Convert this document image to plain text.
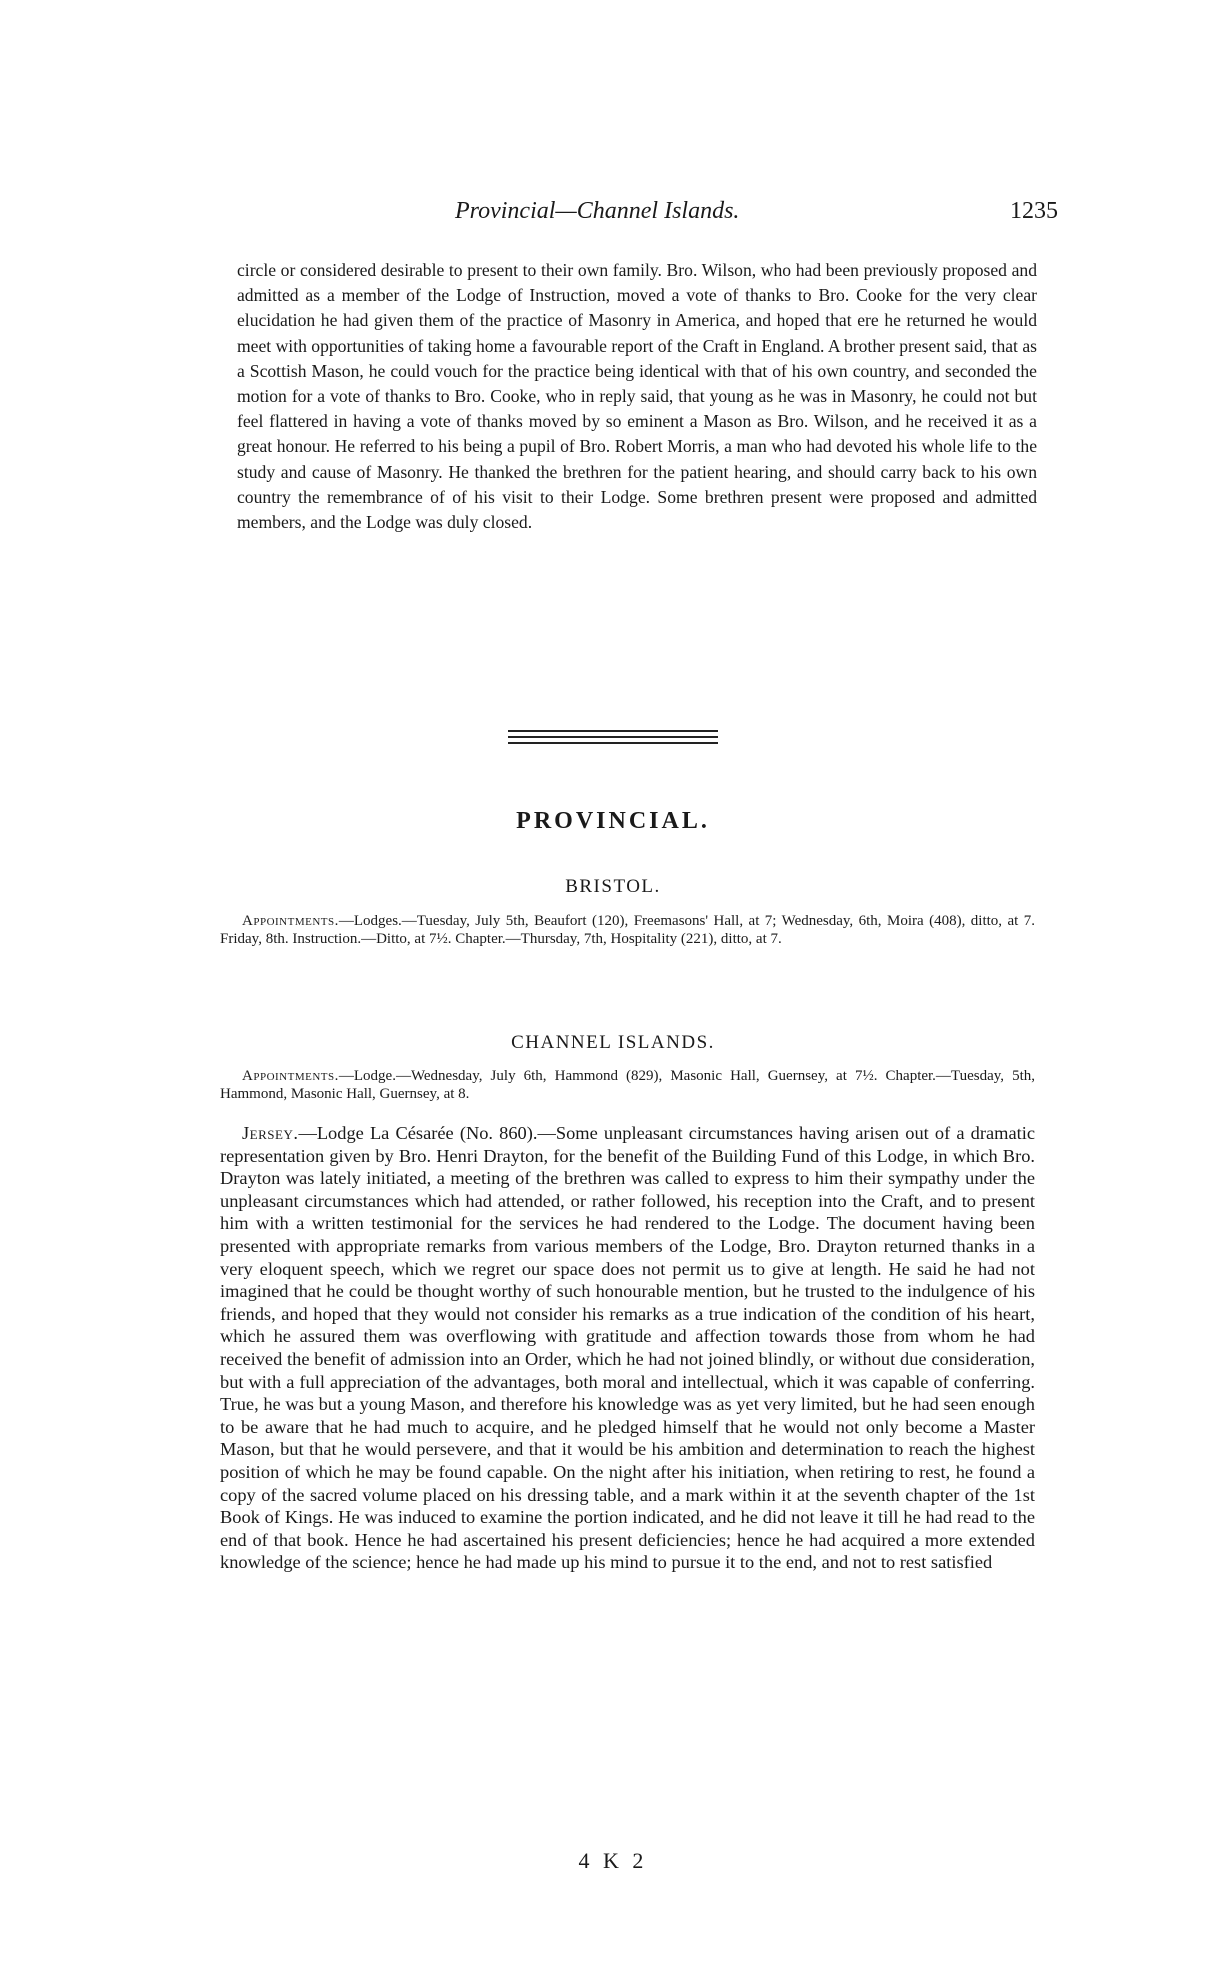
Provincial—Channel Islands.	1235

circle or considered desirable to present to their own family. Bro. Wilson, who had been previously proposed and admitted as a member of the Lodge of Instruction, moved a vote of thanks to Bro. Cooke for the very clear elucidation he had given them of the practice of Masonry in America, and hoped that ere he returned he would meet with opportunities of taking home a favourable report of the Craft in England. A brother present said, that as a Scottish Mason, he could vouch for the practice being identical with that of his own country, and seconded the motion for a vote of thanks to Bro. Cooke, who in reply said, that young as he was in Masonry, he could not but feel flattered in having a vote of thanks moved by so eminent a Mason as Bro. Wilson, and he received it as a great honour. He referred to his being a pupil of Bro. Robert Morris, a man who had devoted his whole life to the study and cause of Masonry. He thanked the brethren for the patient hearing, and should carry back to his own country the remembrance of of his visit to their Lodge. Some brethren present were proposed and admitted members, and the Lodge was duly closed.

PROVINCIAL.
BRISTOL.
Appointments.—Lodges.—Tuesday, July 5th, Beaufort (120), Freemasons' Hall, at 7; Wednesday, 6th, Moira (408), ditto, at 7. Friday, 8th. Instruction.—Ditto, at 7½. Chapter.—Thursday, 7th, Hospitality (221), ditto, at 7.
CHANNEL ISLANDS.
Appointments.—Lodge.—Wednesday, July 6th, Hammond (829), Masonic Hall, Guernsey, at 7½. Chapter.—Tuesday, 5th, Hammond, Masonic Hall, Guernsey, at 8.

Jersey.—Lodge La Césarée (No. 860).—Some unpleasant circumstances having arisen out of a dramatic representation given by Bro. Henri Drayton, for the benefit of the Building Fund of this Lodge, in which Bro. Drayton was lately initiated, a meeting of the brethren was called to express to him their sympathy under the unpleasant circumstances which had attended, or rather followed, his reception into the Craft, and to present him with a written testimonial for the services he had rendered to the Lodge. The document having been presented with appropriate remarks from various members of the Lodge, Bro. Drayton returned thanks in a very eloquent speech, which we regret our space does not permit us to give at length. He said he had not imagined that he could be thought worthy of such honourable mention, but he trusted to the indulgence of his friends, and hoped that they would not consider his remarks as a true indication of the condition of his heart, which he assured them was overflowing with gratitude and affection towards those from whom he had received the benefit of admission into an Order, which he had not joined blindly, or without due consideration, but with a full appreciation of the advantages, both moral and intellectual, which it was capable of conferring. True, he was but a young Mason, and therefore his knowledge was as yet very limited, but he had seen enough to be aware that he had much to acquire, and he pledged himself that he would not only become a Master Mason, but that he would persevere, and that it would be his ambition and determination to reach the highest position of which he may be found capable. On the night after his initiation, when retiring to rest, he found a copy of the sacred volume placed on his dressing table, and a mark within it at the seventh chapter of the 1st Book of Kings. He was induced to examine the portion indicated, and he did not leave it till he had read to the end of that book. Hence he had ascertained his present deficiencies; hence he had acquired a more extended knowledge of the science; hence he had made up his mind to pursue it to the end, and not to rest satisfied

4 K 2
